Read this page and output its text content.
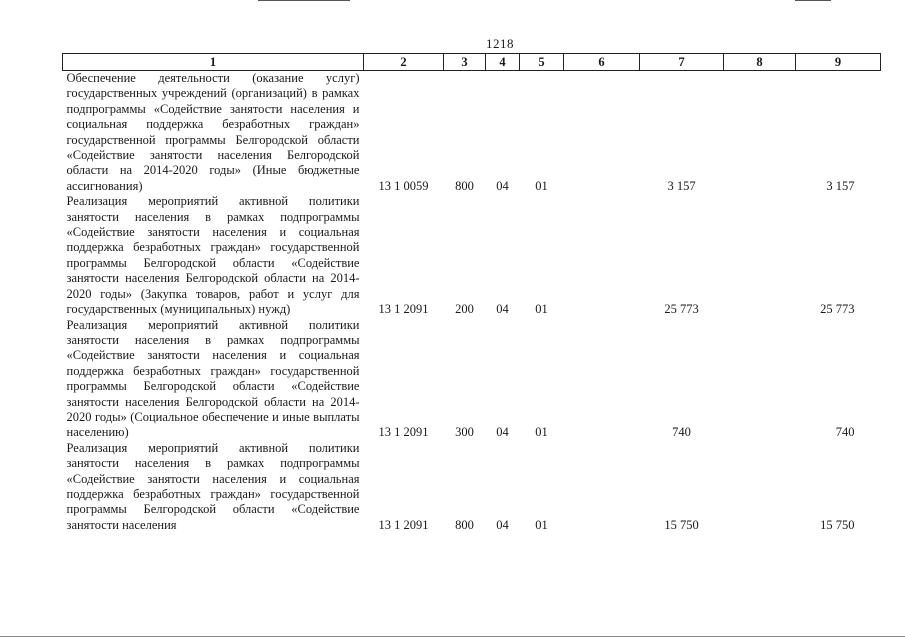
1218
1	2	3	4	5	6	7	8	9
Обеспечение деятельности (оказание услуг) государственных учреждений (организаций) в рамках подпрограммы «Содействие занятости населения и социальная поддержка безработных граждан» государственной программы Белгородской области «Содействие занятости населения Белгородской области на 2014-2020 годы» (Иные бюджетные ассигнования)	13 1 0059	800	04	01		3 157		3 157
Реализация мероприятий активной политики занятости населения в рамках подпрограммы «Содействие занятости населения и социальная поддержка безработных граждан» государственной программы Белгородской области «Содействие занятости населения Белгородской области на 2014-2020 годы» (Закупка товаров, работ и услуг для государственных (муниципальных) нужд)	13 1 2091	200	04	01		25 773		25 773
Реализация мероприятий активной политики занятости населения в рамках подпрограммы «Содействие занятости населения и социальная поддержка безработных граждан» государственной программы Белгородской области «Содействие занятости населения Белгородской области на 2014-2020 годы» (Социальное обеспечение и иные выплаты населению)	13 1 2091	300	04	01		740		740
Реализация мероприятий активной политики занятости населения в рамках подпрограммы «Содействие занятости населения и социальная поддержка безработных граждан» государственной программы Белгородской области «Содействие занятости населения	13 1 2091	800	04	01		15 750		15 750
